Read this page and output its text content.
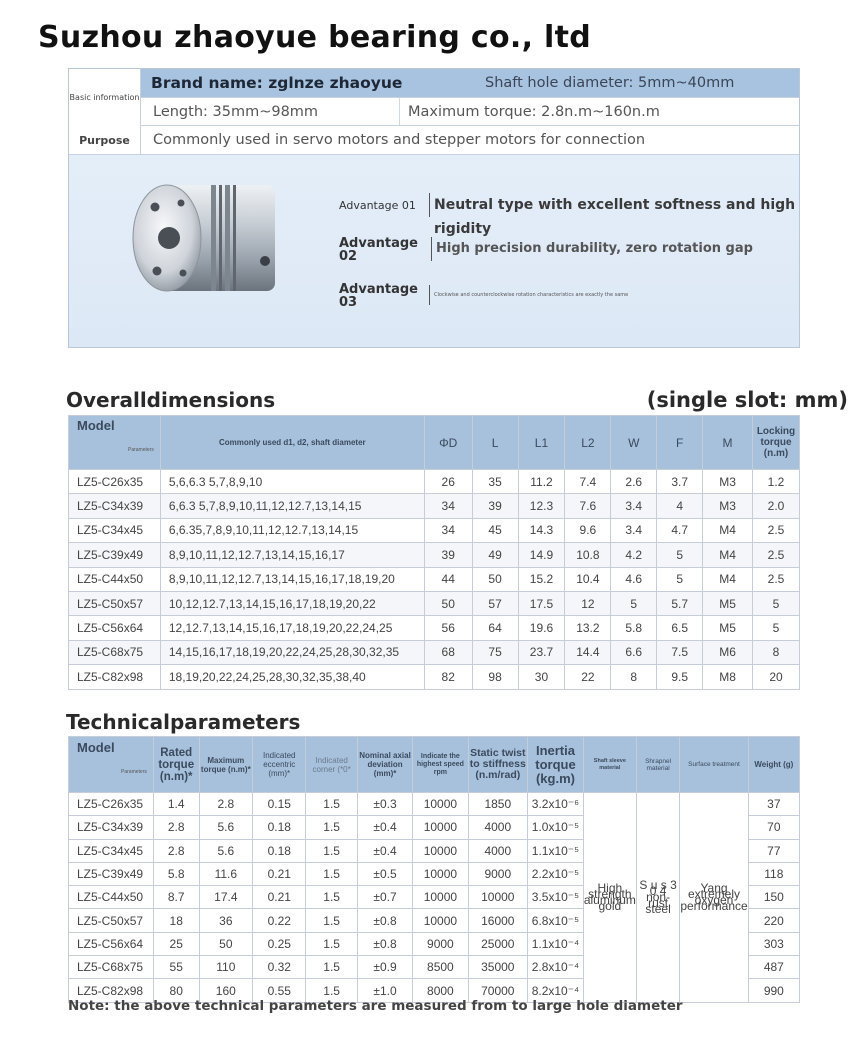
Suzhou zhaoyue bearing co., ltd
Basic information
Brand name: zglnze zhaoyue	Shaft hole diameter: 5mm~40mm
Length: 35mm~98mm	Maximum torque: 2.8n.m~160n.m
Purpose	Commonly used in servo motors and stepper motors for connection
Advantage 01	Neutral type with excellent softness and high rigidity
Advantage 02
High precision durability, zero rotation gap
Advantage 03	Clockwise and counterclockwise rotation characteristics are exactly the same
Overalldimensions	(single slot: mm)
Parameters
Model	Commonly used d1, d2, shaft diameter	ΦD	L	L1	L2	W	F	M	Locking torque (n.m)
LZ5-C26x35	5,6,6.3 5,7,8,9,10	26	35	11.2	7.4	2.6	3.7	M3	1.2
LZ5-C34x39	6,6.3 5,7,8,9,10,11,12,12.7,13,14,15	34	39	12.3	7.6	3.4	4	M3	2.0
LZ5-C34x45	6,6.35,7,8,9,10,11,12,12.7,13,14,15	34	45	14.3	9.6	3.4	4.7	M4	2.5
LZ5-C39x49	8,9,10,11,12,12.7,13,14,15,16,17	39	49	14.9	10.8	4.2	5	M4	2.5
LZ5-C44x50	8,9,10,11,12,12.7,13,14,15,16,17,18,19,20	44	50	15.2	10.4	4.6	5	M4	2.5
LZ5-C50x57	10,12,12.7,13,14,15,16,17,18,19,20,22	50	57	17.5	12	5	5.7	M5	5
LZ5-C56x64	12,12.7,13,14,15,16,17,18,19,20,22,24,25	56	64	19.6	13.2	5.8	6.5	M5	5
LZ5-C68x75	14,15,16,17,18,19,20,22,24,25,28,30,32,35	68	75	23.7	14.4	6.6	7.5	M6	8
LZ5-C82x98	18,19,20,22,24,25,28,30,32,35,38,40	82	98	30	22	8	9.5	M8	20
Technicalparameters
Parameters
Model	Rated torque (n.m)*	Maximum torque (n.m)*	Indicated eccentric (mm)*	Indicated corner (*0*	Nominal axial deviation (mm)*	Indicate the highest speed rpm	Static twist to stiffness (n.m/rad)	Inertia torque (kg.m)	Shaft sleeve material	Shrapnel material	Surface treatment	Weight (g)
LZ5-C26x35	1.4	2.8	0.15	1.5	±0.3	10000	1850	3.2x10⁻⁶	High strength aluminum gold	S u s 3 0 4 non-rust steel	Yang extremely oxygen performance	37
LZ5-C34x39	2.8	5.6	0.18	1.5	±0.4	10000	4000	1.0x10⁻⁵				70
LZ5-C34x45	2.8	5.6	0.18	1.5	±0.4	10000	4000	1.1x10⁻⁵				77
LZ5-C39x49	5.8	11.6	0.21	1.5	±0.5	10000	9000	2.2x10⁻⁵				118
LZ5-C44x50	8.7	17.4	0.21	1.5	±0.7	10000	10000	3.5x10⁻⁵				150
LZ5-C50x57	18	36	0.22	1.5	±0.8	10000	16000	6.8x10⁻⁵				220
LZ5-C56x64	25	50	0.25	1.5	±0.8	9000	25000	1.1x10⁻⁴				303
LZ5-C68x75	55	110	0.32	1.5	±0.9	8500	35000	2.8x10⁻⁴				487
LZ5-C82x98	80	160	0.55	1.5	±1.0	8000	70000	8.2x10⁻⁴				990
Note: the above technical parameters are measured from to large hole diameter
